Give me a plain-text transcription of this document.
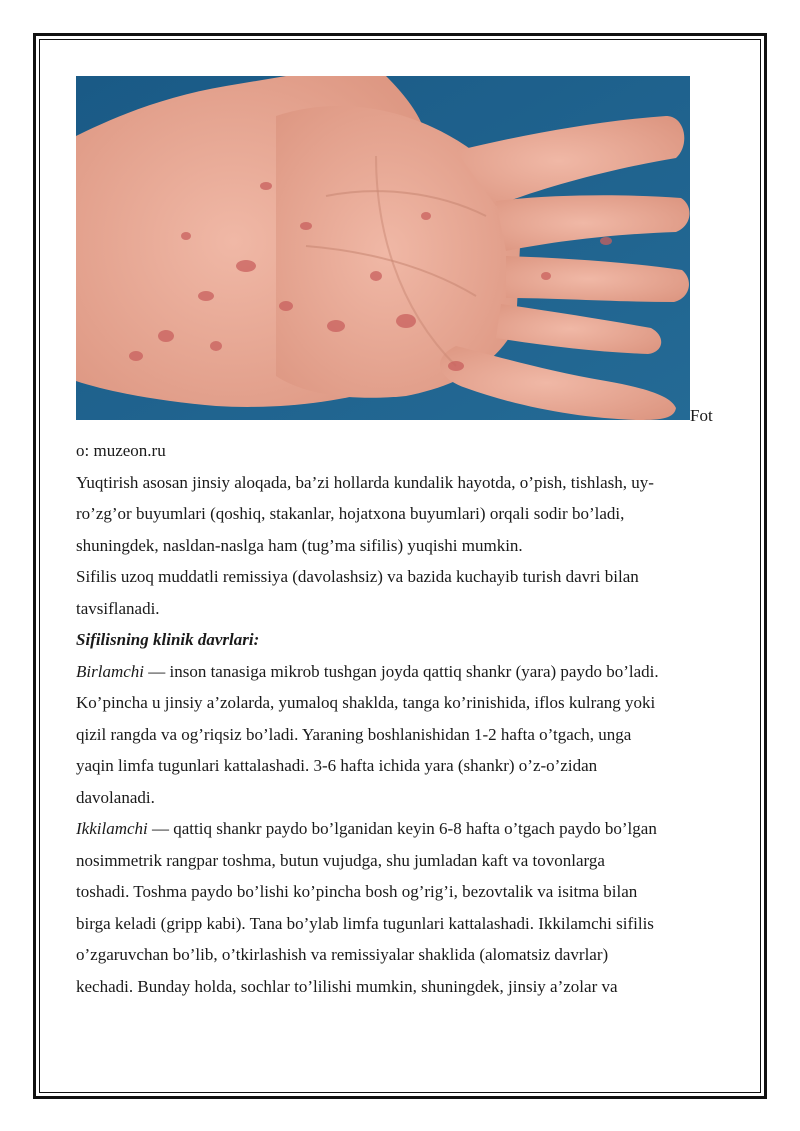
Fot
o: muzeon.ru
Yuqtirish asosan jinsiy aloqada, ba’zi hollarda kundalik hayotda, o’pish, tishlash, uy-
ro’zg’or buyumlari (qoshiq, stakanlar, hojatxona buyumlari) orqali sodir bo’ladi,
shuningdek, nasldan-naslga ham (tug’ma sifilis) yuqishi mumkin.
Sifilis uzoq muddatli remissiya (davolashsiz) va bazida kuchayib turish davri bilan
tavsiflanadi.
Sifilisning klinik davrlari:
Birlamchi — inson tanasiga mikrob tushgan joyda qattiq shankr (yara) paydo bo’ladi.
Ko’pincha u jinsiy a’zolarda, yumaloq shaklda, tanga ko’rinishida, iflos kulrang yoki
qizil rangda va og’riqsiz bo’ladi. Yaraning boshlanishidan 1-2 hafta o’tgach, unga
yaqin limfa tugunlari kattalashadi. 3-6 hafta ichida yara (shankr) o’z-o’zidan
davolanadi.
Ikkilamchi — qattiq shankr paydo bo’lganidan keyin 6-8 hafta o’tgach paydo bo’lgan
nosimmetrik rangpar toshma, butun vujudga, shu jumladan kaft va tovonlarga
toshadi. Toshma paydo bo’lishi ko’pincha bosh og’rig’i, bezovtalik va isitma bilan
birga keladi (gripp kabi). Tana bo’ylab limfa tugunlari kattalashadi. Ikkilamchi sifilis
o’zgaruvchan bo’lib, o’tkirlashish va remissiyalar shaklida (alomatsiz davrlar)
kechadi. Bunday holda, sochlar to’lilishi mumkin, shuningdek, jinsiy a’zolar va
